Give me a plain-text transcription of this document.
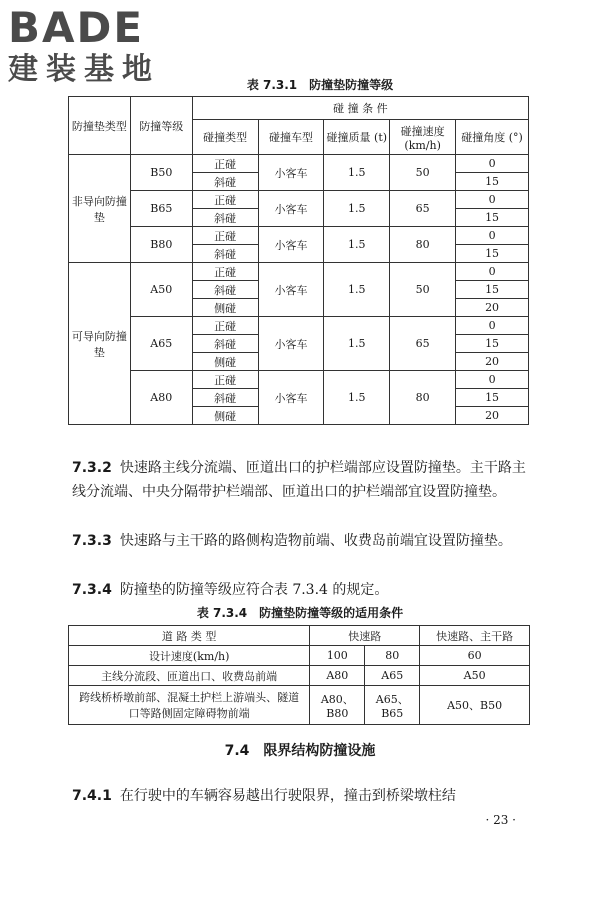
BADE
建装基地	表 7.3.1　防撞垫防撞等级
防撞垫类型	防撞等级	碰 撞 条 件				
		碰撞类型	碰撞车型	碰撞质量 (t)	碰撞速度 (km/h)	碰撞角度 (°)
非导向防撞垫	B50	正碰	小客车	1.5	50	0
		斜碰				15
	B65	正碰	小客车	1.5	65	0
		斜碰				15
	B80	正碰	小客车	1.5	80	0
		斜碰				15
可导向防撞垫	A50	正碰	小客车	1.5	50	0
		斜碰				15
		侧碰				20
	A65	正碰	小客车	1.5	65	0
		斜碰				15
		侧碰				20
	A80	正碰	小客车	1.5	80	0
		斜碰				15
		侧碰				20
7.3.2 快速路主线分流端、匝道出口的护栏端部应设置防撞垫。主干路主线分流端、中央分隔带护栏端部、匝道出口的护栏端部宜设置防撞垫。
7.3.3 快速路与主干路的路侧构造物前端、收费岛前端宜设置防撞垫。
7.3.4 防撞垫的防撞等级应符合表 7.3.4 的规定。
表 7.3.4　防撞垫防撞等级的适用条件
道 路 类 型	快速路		快速路、主干路
设计速度(km/h)	100	80	60
主线分流段、匝道出口、收费岛前端	A80	A65	A50
跨线桥桥墩前部、混凝土护栏上游端头、隧道口等路侧固定障碍物前端	A80、B80	A65、B65	A50、B50
7.4　限界结构防撞设施
7.4.1 在行驶中的车辆容易越出行驶限界，撞击到桥梁墩柱结
· 23 ·
